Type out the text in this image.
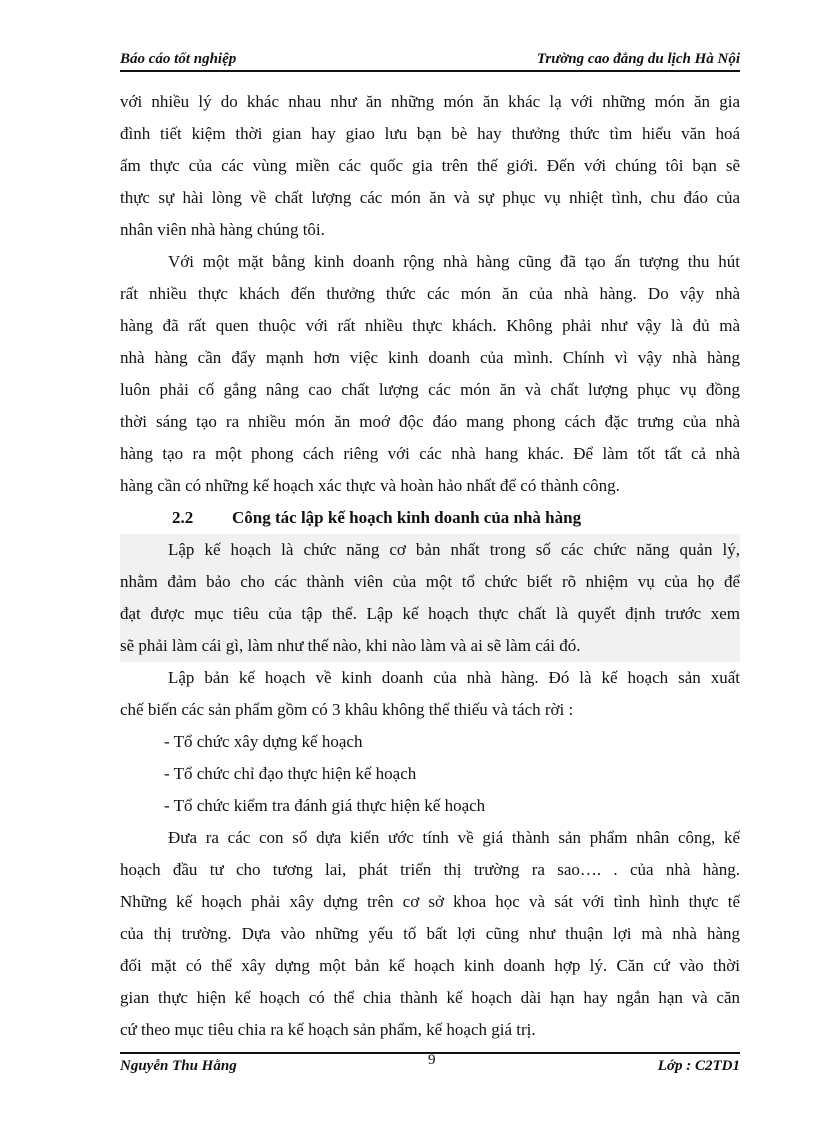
Báo cáo tốt nghiệp	Trường cao đẳng du lịch Hà Nội
với nhiều lý do khác nhau như ăn những món ăn khác lạ với những món ăn gia
đình tiết kiệm thời gian hay giao lưu bạn bè hay thưởng thức tìm hiểu văn hoá
ẩm thực của các vùng miền các quốc gia trên thế giới. Đến với chúng tôi bạn sẽ
thực sự hài lòng về chất lượng các món ăn và sự phục vụ nhiệt tình, chu đáo của
nhân viên nhà hàng chúng tôi.
Với một mặt bằng kinh doanh rộng nhà hàng cũng đã tạo ấn tượng thu hút
rất nhiều thực khách đến thưởng thức các món ăn của nhà hàng. Do vậy nhà
hàng đã rất quen thuộc với rất nhiều thực khách. Không phải như vậy là đủ mà
nhà hàng cần đẩy mạnh hơn việc kinh doanh của mình. Chính vì vậy nhà hàng
luôn phải cố gắng nâng cao chất lượng các món ăn và chất lượng phục vụ đồng
thời sáng tạo ra nhiều món ăn moớ độc đáo mang phong cách đặc trưng của nhà
hàng tạo ra một phong cách riêng với các nhà hang khác. Để làm tốt tất cả nhà
hàng cần có những kế hoạch xác thực và hoàn hảo nhất để có thành công.
2.2 Công tác lập kế hoạch kinh doanh của nhà hàng
Lập kế hoạch là chức năng cơ bản nhất trong số các chức năng quản lý,
nhằm đảm bảo cho các thành viên của một tổ chức biết rõ nhiệm vụ của họ để
đạt được mục tiêu của tập thể. Lập kế hoạch thực chất là quyết định trước xem
sẽ phải làm cái gì, làm như thế nào, khi nào làm và ai sẽ làm cái đó.
Lập bản kế hoạch về kinh doanh của nhà hàng. Đó là kế hoạch sản xuất
chế biến các sản phẩm gồm có 3 khâu không thể thiếu và tách rời :
- Tổ chức xây dựng kế hoạch
- Tổ chức chỉ đạo thực hiện kế hoạch
- Tổ chức kiểm tra đánh giá thực hiện kế hoạch
Đưa ra các con số dựa kiến ước tính về giá thành sản phẩm nhân công, kế
hoạch đầu tư cho tương lai, phát triển thị trường ra sao…. . của nhà hàng.
Những kế hoạch phải xây dựng trên cơ sở khoa học và sát với tình hình thực tế
của thị trường. Dựa vào những yếu tố bất lợi cũng như thuận lợi mà nhà hàng
đối mặt có thể xây dựng một bản kế hoạch kinh doanh hợp lý. Căn cứ vào thời
gian thực hiện kế hoạch có thể chia thành kế hoạch dài hạn hay ngắn hạn và căn
cứ theo mục tiêu chia ra kế hoạch sản phẩm, kế hoạch giá trị.
Nguyễn Thu Hằng	9	Lớp : C2TD1
